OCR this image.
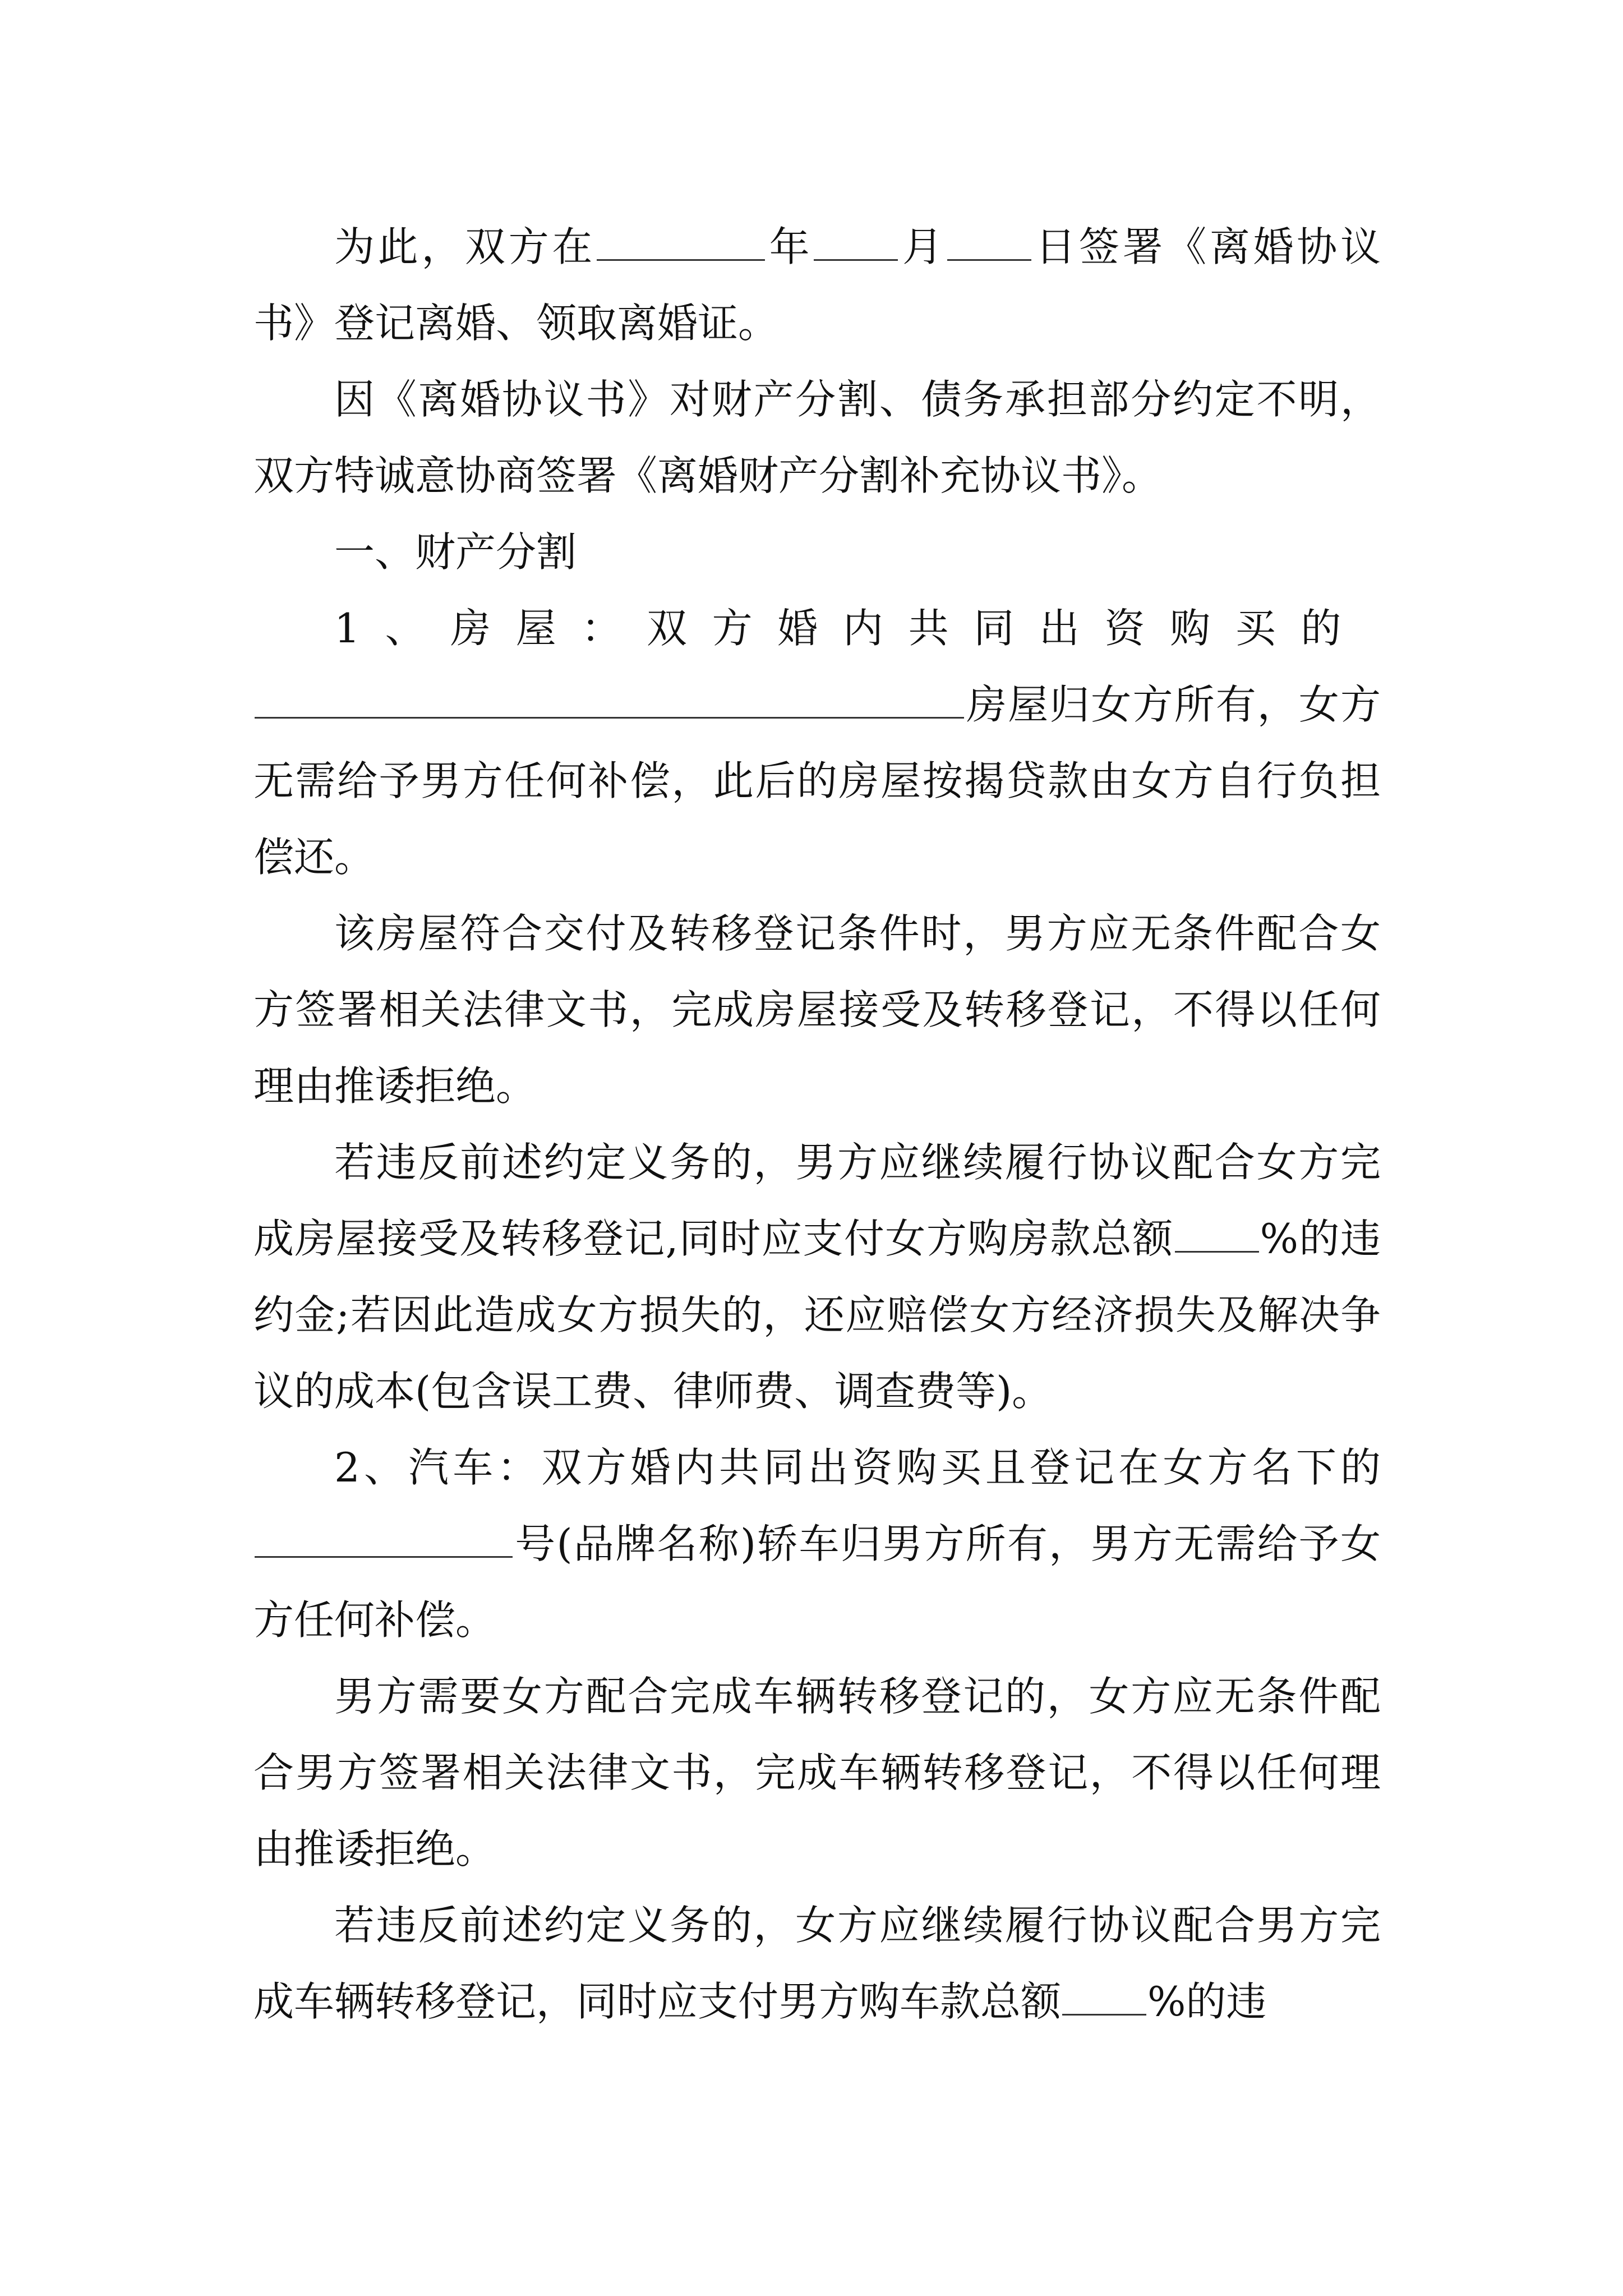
为此，双方在	年 月 日签署《离婚协议书》登记离婚、领取离婚证。

因《离婚协议书》对财产分割、债务承担部分约定不明，双方特诚意协商签署《离婚财产分割补充协议书》。

一、财产分割

1、房屋：双方婚内共同出资购买的

房屋归女方所有，女方无需给予男方任何补偿，此后的房屋按揭贷款由女方自行负担偿还。

该房屋符合交付及转移登记条件时，男方应无条件配合女方签署相关法律文书，完成房屋接受及转移登记，不得以任何理由推诿拒绝。

若违反前述约定义务的，男方应继续履行协议配合女方完成房屋接受及转移登记,同时应支付女方购房款总额 %的违约金;若因此造成女方损失的，还应赔偿女方经济损失及解决争议的成本(包含误工费、律师费、调查费等)。

2、汽车：双方婚内共同出资购买且登记在女方名下的号(品牌名称)轿车归男方所有，男方无需给予女方任何补偿。

男方需要女方配合完成车辆转移登记的，女方应无条件配合男方签署相关法律文书，完成车辆转移登记，不得以任何理由推诿拒绝。

若违反前述约定义务的，女方应继续履行协议配合男方完成车辆转移登记，同时应支付男方购车款总额 %的违
